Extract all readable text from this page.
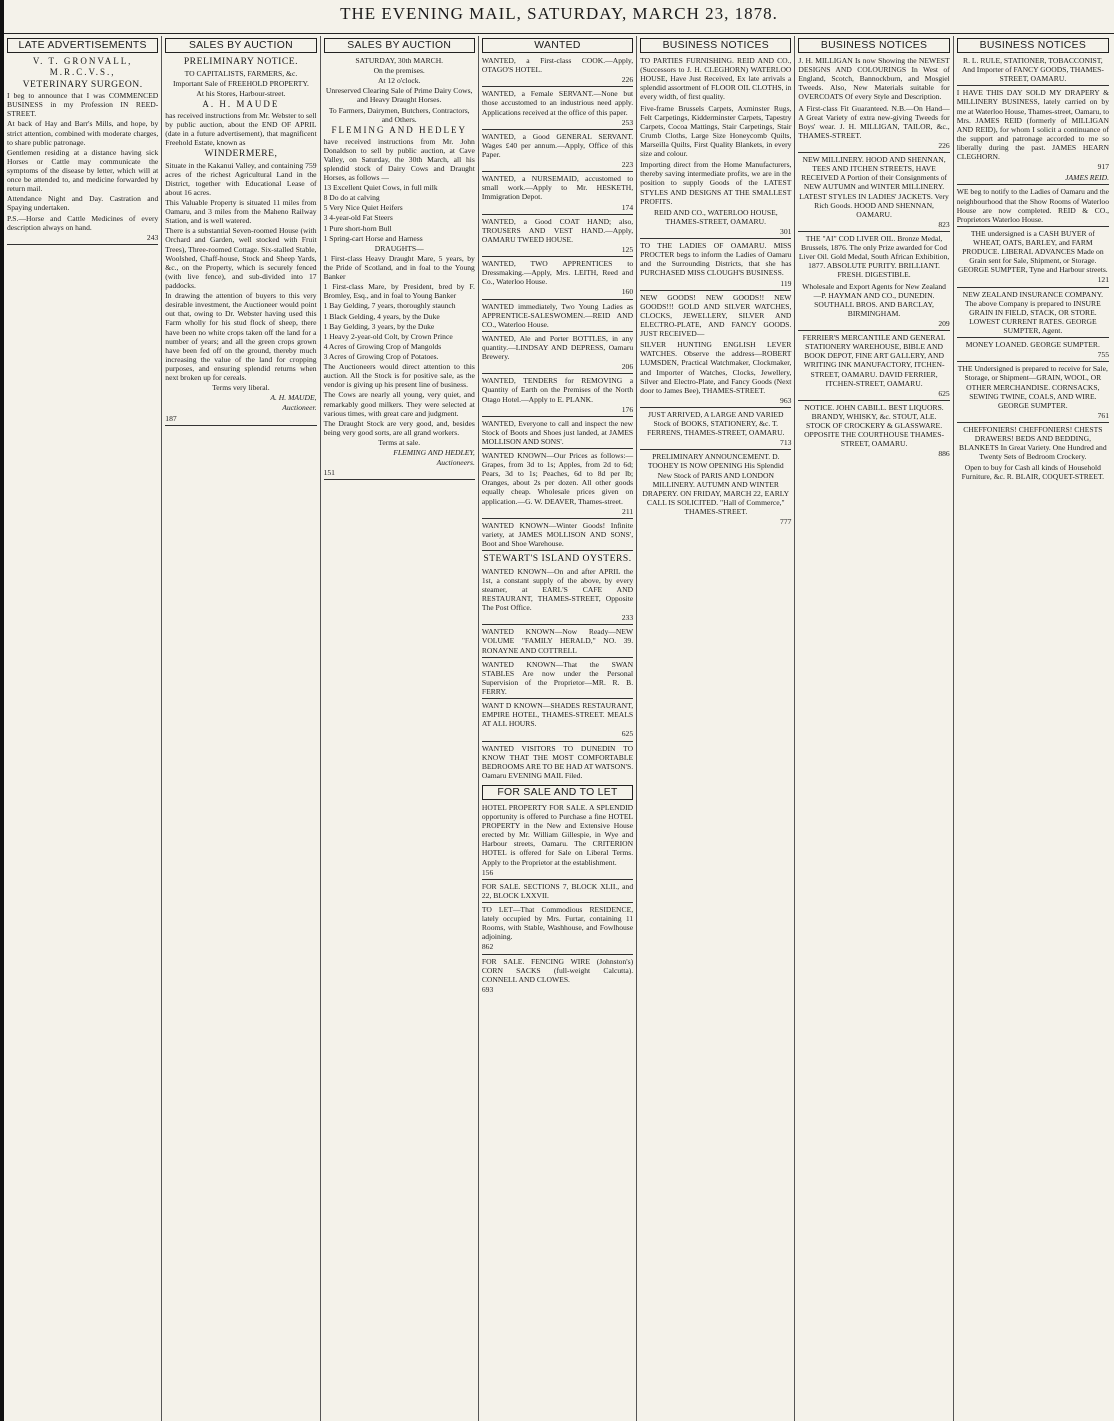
THE EVENING MAIL, SATURDAY, MARCH 23, 1878.
LATE ADVERTISEMENTS

V. T. GRONVALL, M.R.C.V.S.,

VETERINARY SURGEON.

I beg to announce that I was COMMENCED BUSINESS in my Profession IN REED-STREET.

At back of Hay and Barr's Mills, and hope, by strict attention, combined with moderate charges, to share public patronage.

Gentlemen residing at a distance having sick Horses or Cattle may communicate the symptoms of the disease by letter, which will at once be attended to, and medicine forwarded by return mail.

Attendance Night and Day. Castration and Spaying undertaken.

P.S.—Horse and Cattle Medicines of every description always on hand.

243

SALES BY AUCTION

PRELIMINARY NOTICE.

TO CAPITALISTS, FARMERS, &c.

Important Sale of FREEHOLD PROPERTY.

At his Stores, Harbour-street.

A. H. MAUDE

has received instructions from Mr. Webster to sell by public auction, about the END OF APRIL (date in a future advertisement), that magnificent Freehold Estate, known as

WINDERMERE,

Situate in the Kakanui Valley, and containing 759 acres of the richest Agricultural Land in the District, together with Educational Lease of about 16 acres.

This Valuable Property is situated 11 miles from Oamaru, and 3 miles from the Maheno Railway Station, and is well watered.

There is a substantial Seven-roomed House (with Orchard and Garden, well stocked with Fruit Trees), Three-roomed Cottage. Six-stalled Stable, Woolshed, Chaff-house, Stock and Sheep Yards, &c., on the Property, which is securely fenced (with live fence), and sub-divided into 17 paddocks.

In drawing the attention of buyers to this very desirable investment, the Auctioneer would point out that, owing to Dr. Webster having used this Farm wholly for his stud flock of sheep, there have been no white crops taken off the land for a number of years; and all the green crops grown have been fed off on the ground, thereby much increasing the value of the land for cropping purposes, and ensuring splendid returns when next broken up for cereals.

Terms very liberal.

A. H. MAUDE,

Auctioneer.

187

SALES BY AUCTION

SATURDAY, 30th MARCH.

On the premises.

At 12 o'clock.

Unreserved Clearing Sale of Prime Dairy Cows, and Heavy Draught Horses.

To Farmers, Dairymen, Butchers, Contractors, and Others.

FLEMING AND HEDLEY

have received instructions from Mr. John Donaldson to sell by public auction, at Cave Valley, on Saturday, the 30th March, all his splendid stock of Dairy Cows and Draught Horses, as follows —

13 Excellent Quiet Cows, in full milk

8 Do do at calving

5 Very Nice Quiet Heifers

3 4-year-old Fat Steers

1 Pure short-horn Bull

1 Spring-cart Horse and Harness

DRAUGHTS—

1 First-class Heavy Draught Mare, 5 years, by the Pride of Scotland, and in foal to the Young Banker

1 First-class Mare, by President, bred by F. Bromley, Esq., and in foal to Young Banker

1 Bay Gelding, 7 years, thoroughly staunch

1 Black Gelding, 4 years, by the Duke

1 Bay Gelding, 3 years, by the Duke

1 Heavy 2-year-old Colt, by Crown Prince

4 Acres of Growing Crop of Mangolds

3 Acres of Growing Crop of Potatoes.

The Auctioneers would direct attention to this auction. All the Stock is for positive sale, as the vendor is giving up his present line of business.

The Cows are nearly all young, very quiet, and remarkably good milkers. They were selected at various times, with great care and judgment.

The Draught Stock are very good, and, besides being very good sorts, are all grand workers.

Terms at sale.

FLEMING AND HEDLEY,

Auctioneers.

151

WANTED

WANTED, a First-class COOK.—Apply, OTAGO'S HOTEL.

226

WANTED, a Female SERVANT.—None but those accustomed to an industrious need apply. Applications received at the office of this paper.

253

WANTED, a Good GENERAL SERVANT. Wages £40 per annum.—Apply, Office of this Paper.

223

WANTED, a NURSEMAID, accustomed to small work.—Apply to Mr. HESKETH, Immigration Depot.

174

WANTED, a Good COAT HAND; also, TROUSERS AND VEST HAND.—Apply, OAMARU TWEED HOUSE.

125

WANTED, TWO APPRENTICES to Dressmaking.—Apply, Mrs. LEITH, Reed and Co., Waterloo House.

160

WANTED immediately, Two Young Ladies as APPRENTICE-SALESWOMEN.—REID AND CO., Waterloo House.

WANTED, Ale and Porter BOTTLES, in any quantity.—LINDSAY AND DEPRESS, Oamaru Brewery.

206

WANTED, TENDERS for REMOVING a Quantity of Earth on the Premises of the North Otago Hotel.—Apply to E. PLANK.

176

WANTED, Everyone to call and inspect the new Stock of Boots and Shoes just landed, at JAMES MOLLISON AND SONS'.

WANTED KNOWN—Our Prices as follows:—Grapes, from 3d to 1s; Apples, from 2d to 6d; Pears, 3d to 1s; Peaches, 6d to 8d per lb; Oranges, about 2s per dozen. All other goods equally cheap. Wholesale prices given on application.—G. W. DEAVER, Thames-street.

211

WANTED KNOWN—Winter Goods! Infinite variety, at JAMES MOLLISON AND SONS', Boot and Shoe Warehouse.

STEWART'S ISLAND OYSTERS.

WANTED KNOWN—On and after APRIL the 1st, a constant supply of the above, by every steamer, at EARL'S CAFE AND RESTAURANT, THAMES-STREET, Opposite The Post Office.

233

WANTED KNOWN—Now Ready—NEW VOLUME "FAMILY HERALD," NO. 39. RONAYNE AND COTTRELL

WANTED KNOWN—That the SWAN STABLES Are now under the Personal Supervision of the Proprietor—MR. R. B. FERRY.

WANT D KNOWN—SHADES RESTAURANT, EMPIRE HOTEL, THAMES-STREET. MEALS AT ALL HOURS.

625

WANTED VISITORS TO DUNEDIN TO KNOW THAT THE MOST COMFORTABLE BEDROOMS ARE TO BE HAD AT WATSON'S. Oamaru EVENING MAIL Filed.

FOR SALE AND TO LET

HOTEL PROPERTY FOR SALE. A SPLENDID opportunity is offered to Purchase a fine HOTEL PROPERTY in the New and Extensive House erected by Mr. William Gillespie, in Wye and Harbour streets, Oamaru. The CRITERION HOTEL is offered for Sale on Liberal Terms. Apply to the Proprietor at the establishment.

156

FOR SALE. SECTIONS 7, BLOCK XLII., and 22, BLOCK LXXVII.

TO LET—That Commodious RESIDENCE, lately occupied by Mrs. Furtar, containing 11 Rooms, with Stable, Washhouse, and Fowlhouse adjoining.

862

FOR SALE. FENCING WIRE (Johnston's) CORN SACKS (full-weight Calcutta). CONNELL AND CLOWES.

693

BUSINESS NOTICES

TO PARTIES FURNISHING. REID AND CO., (Successors to J. H. CLEGHORN) WATERLOO HOUSE, Have Just Received, Ex late arrivals a splendid assortment of FLOOR OIL CLOTHS, in every width, of first quality.

Five-frame Brussels Carpets, Axminster Rugs, Felt Carpetings, Kidderminster Carpets, Tapestry Carpets, Cocoa Mattings, Stair Carpetings, Stair Crumb Cloths, Large Size Honeycomb Quilts, Marseilla Quilts, First Quality Blankets, in every size and colour.

Importing direct from the Home Manufacturers, thereby saving intermediate profits, we are in the position to supply Goods of the LATEST STYLES AND DESIGNS AT THE SMALLEST PROFITS.

REID AND CO., WATERLOO HOUSE, THAMES-STREET, OAMARU.

301

TO THE LADIES OF OAMARU. MISS PROCTER begs to inform the Ladies of Oamaru and the Surrounding Districts, that she has PURCHASED MISS CLOUGH'S BUSINESS.

119

NEW GOODS! NEW GOODS!! NEW GOODS!!! GOLD AND SILVER WATCHES, CLOCKS, JEWELLERY, SILVER AND ELECTRO-PLATE, AND FANCY GOODS. JUST RECEIVED—

SILVER HUNTING ENGLISH LEVER WATCHES. Observe the address—ROBERT LUMSDEN, Practical Watchmaker, Clockmaker, and Importer of Watches, Clocks, Jewellery, Silver and Electro-Plate, and Fancy Goods (Next door to James Bee), THAMES-STREET.

963

JUST ARRIVED, A LARGE AND VARIED Stock of BOOKS, STATIONERY, &c. T. FERRENS, THAMES-STREET, OAMARU.

713

PRELIMINARY ANNOUNCEMENT. D. TOOHEY IS NOW OPENING His Splendid New Stock of PARIS AND LONDON MILLINERY. AUTUMN AND WINTER DRAPERY. ON FRIDAY, MARCH 22, EARLY CALL IS SOLICITED. "Hall of Commerce," THAMES-STREET.

777

BUSINESS NOTICES

J. H. MILLIGAN Is now Showing the NEWEST DESIGNS AND COLOURINGS In West of England, Scotch, Bannockburn, and Mosgiel Tweeds. Also, New Materials suitable for OVERCOATS Of every Style and Description.

A First-class Fit Guaranteed. N.B.—On Hand—A Great Variety of extra new-giving Tweeds for Boys' wear. J. H. MILLIGAN, TAILOR, &c., THAMES-STREET.

226

NEW MILLINERY. HOOD AND SHENNAN, TEES AND ITCHEN STREETS, HAVE RECEIVED A Portion of their Consignments of NEW AUTUMN and WINTER MILLINERY. LATEST STYLES IN LADIES' JACKETS. Very Rich Goods. HOOD AND SHENNAN, OAMARU.

823

THE "AI" COD LIVER OIL. Bronze Medal, Brussels, 1876. The only Prize awarded for Cod Liver Oil. Gold Medal, South African Exhibition, 1877. ABSOLUTE PURITY. BRILLIANT. FRESH. DIGESTIBLE.

Wholesale and Export Agents for New Zealand—P. HAYMAN AND CO., DUNEDIN. SOUTHALL BROS. AND BARCLAY, BIRMINGHAM.

209

FERRIER'S MERCANTILE AND GENERAL STATIONERY WAREHOUSE, BIBLE AND BOOK DEPOT, FINE ART GALLERY, AND WRITING INK MANUFACTORY, ITCHEN-STREET, OAMARU. DAVID FERRIER, ITCHEN-STREET, OAMARU.

625

NOTICE. JOHN CABILL. BEST LIQUORS. BRANDY, WHISKY, &c. STOUT, ALE. STOCK OF CROCKERY & GLASSWARE. OPPOSITE THE COURTHOUSE THAMES-STREET, OAMARU.

886

BUSINESS NOTICES

R. L. RULE, STATIONER, TOBACCONIST, And Importer of FANCY GOODS, THAMES-STREET, OAMARU.

I HAVE THIS DAY SOLD MY DRAPERY & MILLINERY BUSINESS, lately carried on by me at Waterloo House, Thames-street, Oamaru, to Mrs. JAMES REID (formerly of MILLIGAN AND REID), for whom I solicit a continuance of the support and patronage accorded to me so liberally during the past. JAMES HEARN CLEGHORN.

917

JAMES REID.

WE beg to notify to the Ladies of Oamaru and the neighbourhood that the Show Rooms of Waterloo House are now completed. REID & CO., Proprietors Waterloo House.

THE undersigned is a CASH BUYER of WHEAT, OATS, BARLEY, and FARM PRODUCE. LIBERAL ADVANCES Made on Grain sent for Sale, Shipment, or Storage. GEORGE SUMPTER, Tyne and Harbour streets.

121

NEW ZEALAND INSURANCE COMPANY. The above Company is prepared to INSURE GRAIN IN FIELD, STACK, OR STORE. LOWEST CURRENT RATES. GEORGE SUMPTER, Agent.

MONEY LOANED. GEORGE SUMPTER.

755

THE Undersigned is prepared to receive for Sale, Storage, or Shipment—GRAIN, WOOL, OR OTHER MERCHANDISE. CORNSACKS, SEWING TWINE, COALS, AND WIRE. GEORGE SUMPTER.

761

CHEFFONIERS! CHEFFONIERS! CHESTS DRAWERS! BEDS AND BEDDING, BLANKETS In Great Variety. One Hundred and Twenty Sets of Bedroom Crockery.

Open to buy for Cash all kinds of Household Furniture, &c. R. BLAIR, COQUET-STREET.
